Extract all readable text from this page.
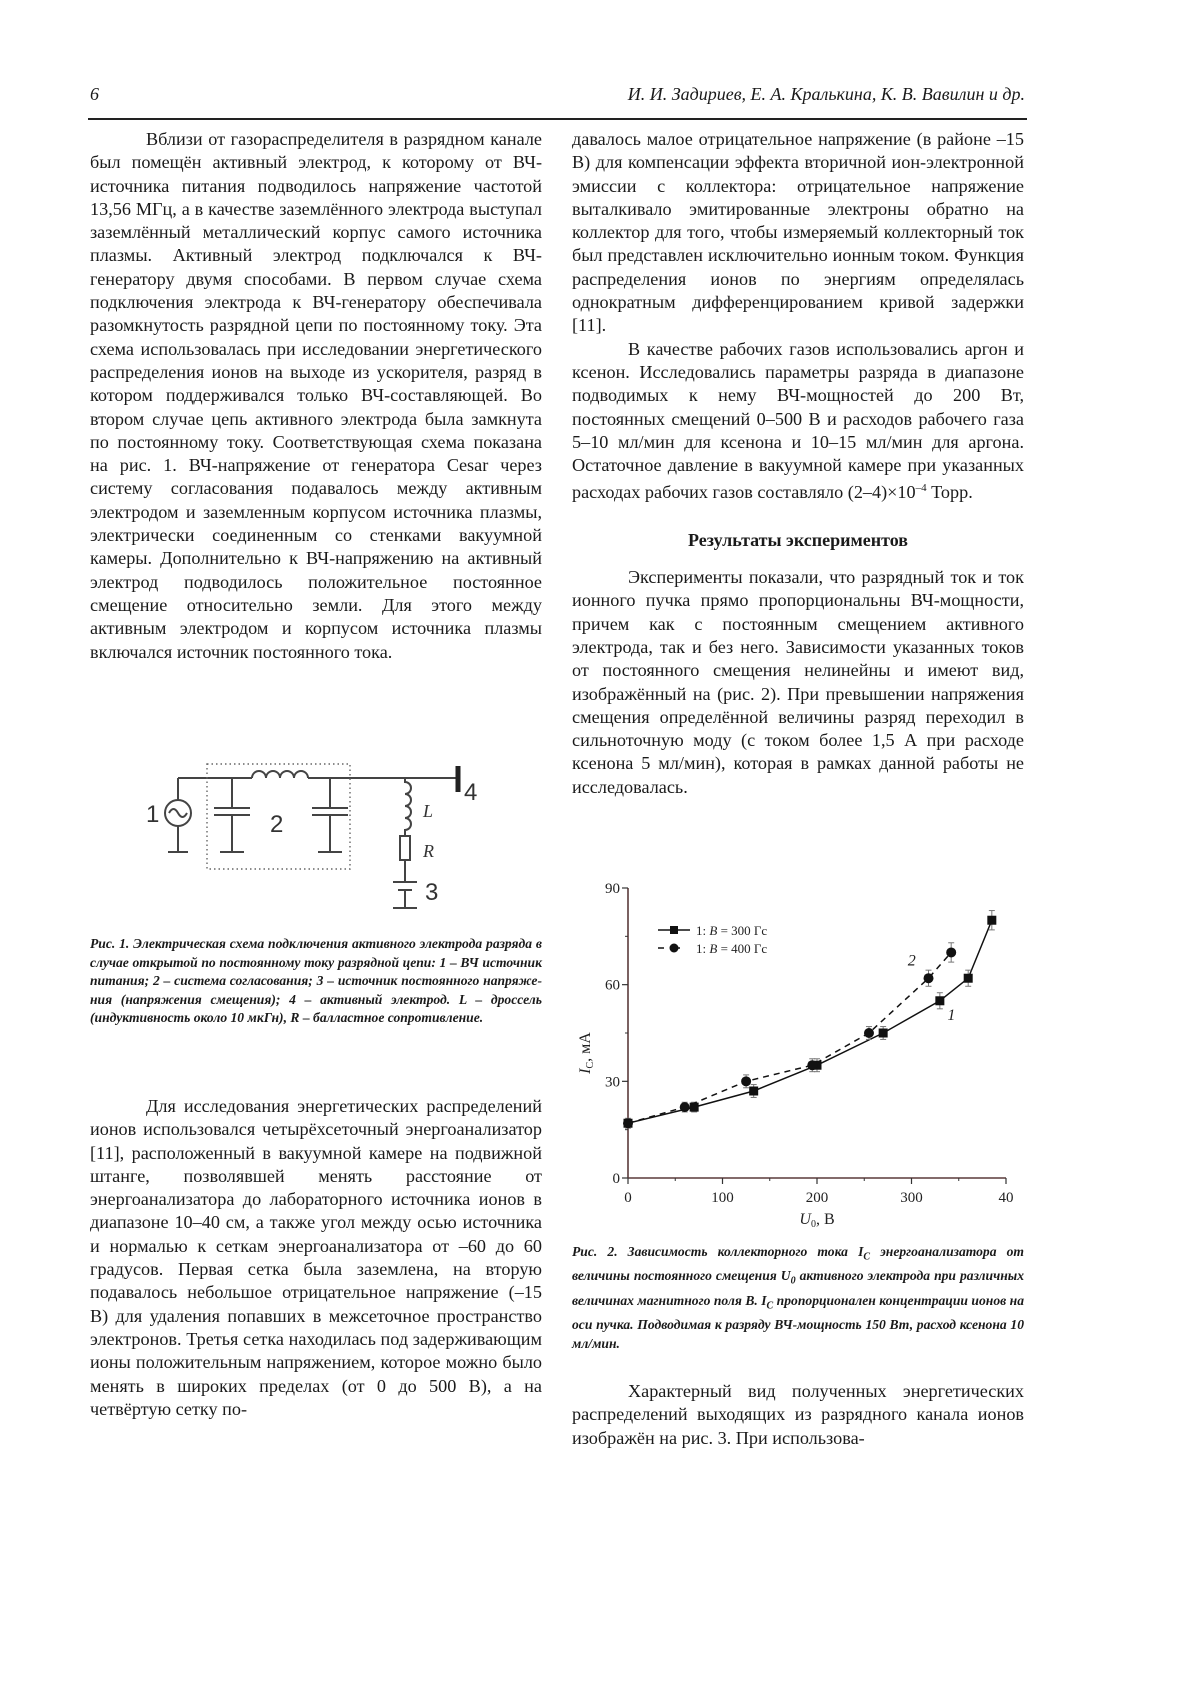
6	И. И. Задириев, Е. А. Кралькина, К. В. Вавилин и др.

Вблизи от газораспределителя в разрядном канале был помещён активный электрод, к которому от ВЧ-источника питания подводилось напряжение частотой 13,56 МГц, а в качестве заземлённого электрода выступал заземлённый металлический корпус самого источника плазмы. Активный электрод подключался к ВЧ-генератору двумя способами. В первом случае схема подключения электрода к ВЧ-генератору обеспечивала разомкнутость разрядной цепи по постоянному току. Эта схема использовалась при исследовании энергетического распределения ионов на выходе из ускорителя, разряд в котором поддерживался только ВЧ-составляющей. Во втором случае цепь активного электрода была замкнута по постоянному току. Соответствующая схема показана на рис. 1. ВЧ-напряжение от генератора Cesar через систему согласования подавалось между активным электродом и заземленным корпусом источника плазмы, электрически соединенным со стенками вакуумной камеры. Дополнительно к ВЧ-напряжению на активный электрод подводилось положительное постоянное смещение относительно земли. Для этого между активным электродом и корпусом источника плазмы включался источник постоянного тока.

1	2
3
4
L
R
Рис. 1. Электрическая схема подключения активного электрода разряда в случае открытой по постоянному току разрядной цепи: 1 – ВЧ источник питания; 2 – система согласования; 3 – источник постоянного напряжения (напряжения смещения); 4 – активный электрод. L – дроссель (индуктивность около 10 мкГн), R – балластное сопротивление.

Для исследования энергетических распределений ионов использовался четырёхсеточный энергоанализатор [11], расположенный в вакуумной камере на подвижной штанге, позволявшей менять расстояние от энергоанализатора до лабораторного источника ионов в диапазоне 10–40 см, а также угол между осью источника и нормалью к сеткам энергоанализатора от –60 до 60 градусов. Первая сетка была заземлена, на вторую подавалось небольшое отрицательное напряжение (–15 В) для удаления попавших в межсеточное пространство электронов. Третья сетка находилась под задерживающим ионы положительным напряжением, которое можно было менять в широких пределах (от 0 до 500 В), а на четвёртую сетку по-

давалось малое отрицательное напряжение (в районе –15 В) для компенсации эффекта вторичной ион-электронной эмиссии с коллектора: отрицательное напряжение выталкивало эмитированные электроны обратно на коллектор для того, чтобы измеряемый коллекторный ток был представлен исключительно ионным током. Функция распределения ионов по энергиям определялась однократным дифференцированием кривой задержки [11].

В качестве рабочих газов использовались аргон и ксенон. Исследовались параметры разряда в диапазоне подводимых к нему ВЧ-мощностей до 200 Вт, постоянных смещений 0–500 В и расходов рабочего газа 5–10 мл/мин для ксенона и 10–15 мл/мин для аргона. Остаточное давление в вакуумной камере при указанных расходах рабочих газов составляло $(2-4)\times 10^{-4}$ Торр.

Результаты экспериментов

Эксперименты показали, что разрядный ток и ток ионного пучка прямо пропорциональны ВЧ-мощности, причем как с постоянным смещением активного электрода, так и без него. Зависимости указанных токов от постоянного смещения нелинейны и имеют вид, изображённый на (рис. 2). При превышении напряжения смещения определённой величины разряд переходил в сильноточную моду (с током более 1,5 А при расходе ксенона 5 мл/мин), которая в рамках данной работы не исследовалась.

0
30
60
90
0	100	200	300	40
U0, В
IC, мА
1
2
1: B = 300 Гс
1: B = 400 Гс
Рис. 2. Зависимость коллекторного тока $I_C$ энергоанализатора от величины постоянного смещения $U_0$ активного электрода при различных величинах магнитного поля B. $I_C$ пропорционален концентрации ионов на оси пучка. Подводимая к разряду ВЧ-мощность 150 Вт, расход ксенона 10 мл/мин.

Характерный вид полученных энергетических распределений выходящих из разрядного канала ионов изображён на рис. 3. При использова-
